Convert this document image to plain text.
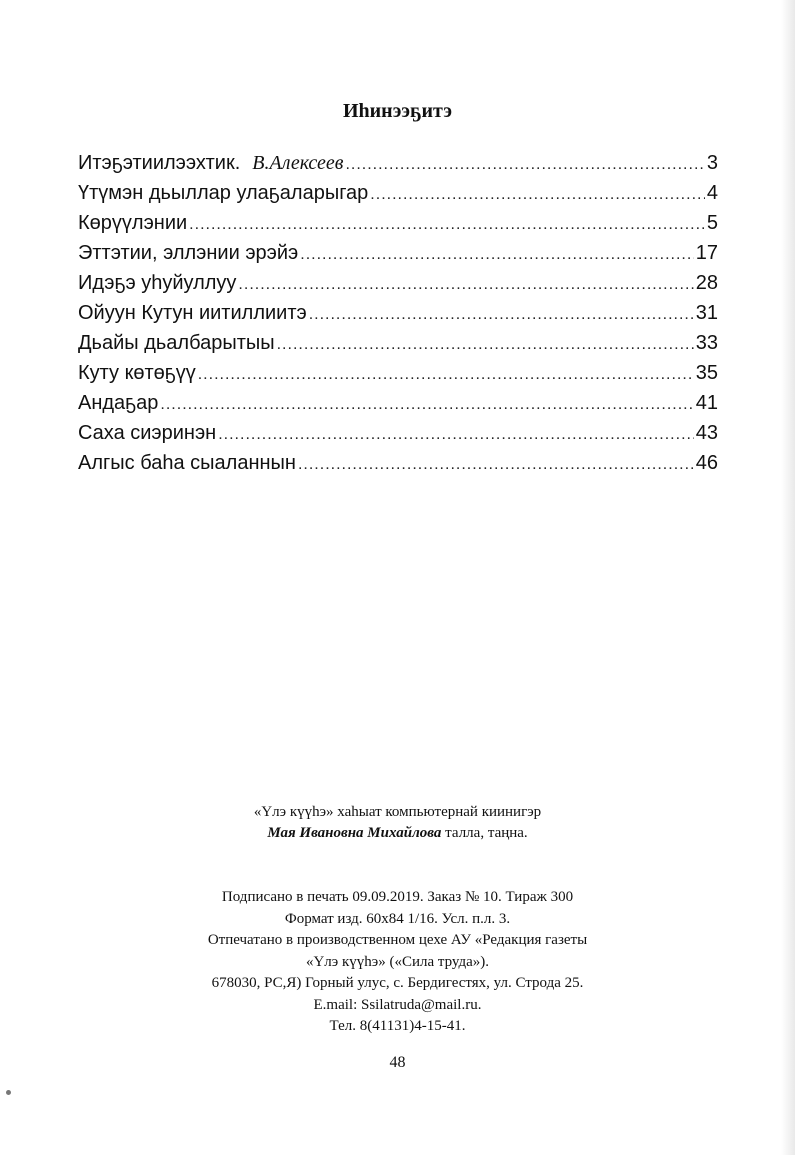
Иһинээҕитэ
Итэҕэтиилээхтик. В.Алексеев .....	3
Үтүмэн дьыллар улаҕаларыгар .....	4
Көрүүлэнии .....	5
Эттэтии, эллэнии эрэйэ .....	17
Идэҕэ уһуйуллуу .....	28
Ойуун Кутун иитиллиитэ .....	31
Дьайы дьалбарытыы .....	33
Куту көтөҕүү .....	35
Андаҕар .....	41
Саха сиэринэн .....	43
Алгыс баһа сыаланнын .....	46
«Үлэ күүһэ» хаһыат компьютернай киинигэр
Мая Ивановна Михайлова талла, таңна.
Подписано в печать 09.09.2019. Заказ № 10. Тираж 300
Формат изд. 60x84 1/16. Усл. п.л. 3.
Отпечатано в производственном цехе АУ «Редакция газеты
«Үлэ күүһэ» («Сила труда»).
678030, РС,Я) Горный улус, с. Бердигестях, ул. Строда 25.
E.mail: Ssilatruda@mail.ru.
Тел. 8(41131)4-15-41.
48
